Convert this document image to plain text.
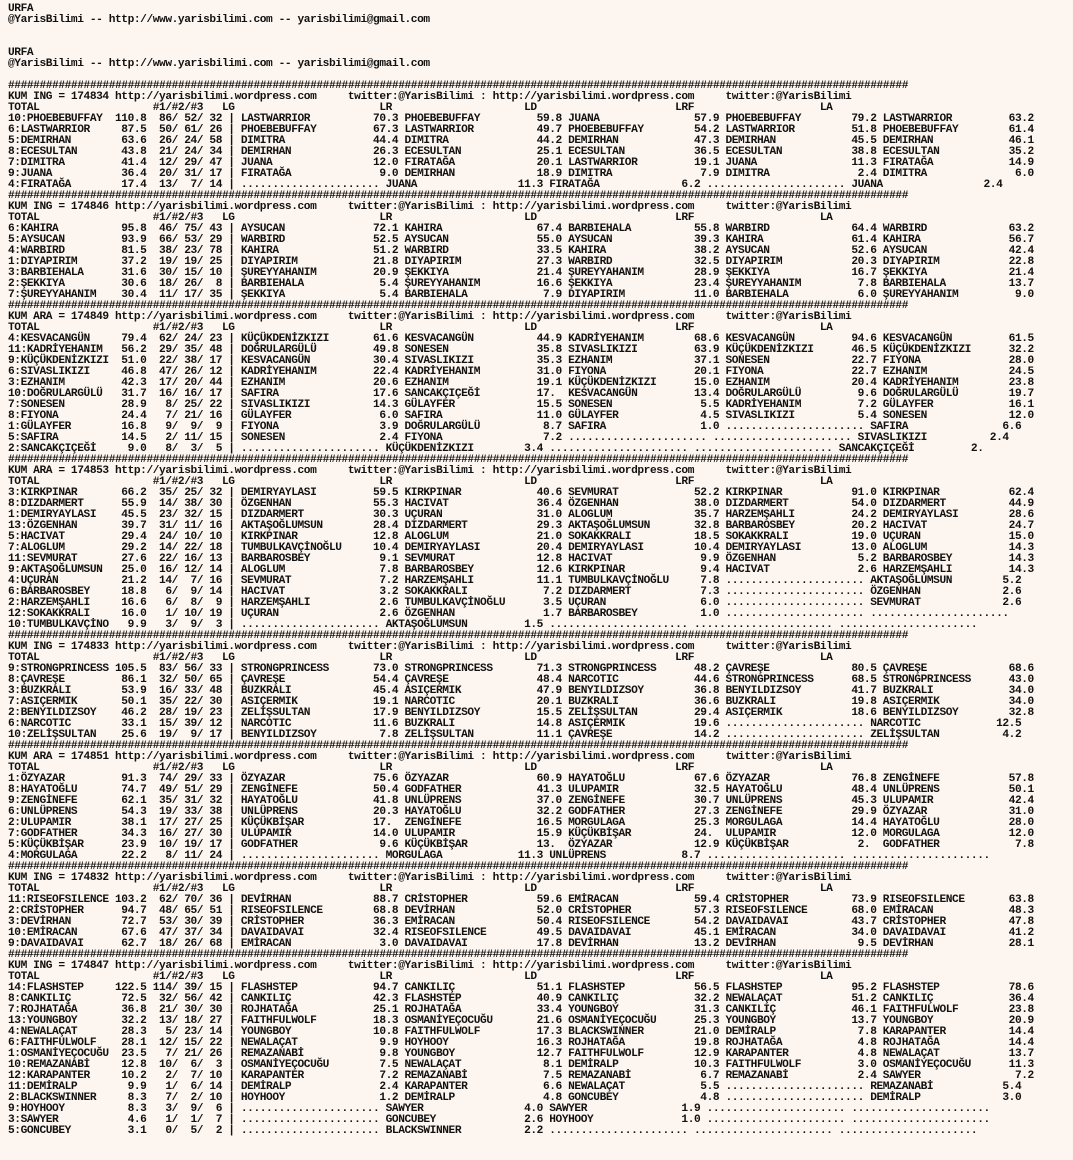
URFA
@YarisBilimi -- http://www.yarisbilimi.com -- yarisbilimi@gmail.com
URFA
@YarisBilimi -- http://www.yarisbilimi.com -- yarisbilimi@gmail.com
###############################################################################################################################################
KUM ING = 174834 http://yarisbilimi.wordpress.com     twitter:@YarisBilimi : http://yarisbilimi.wordpress.com     twitter:@YarisBilimi
TOTAL                  #1/#2/#3   LG                       LR                     LD                      LRF                    LA
10:PHOEBEBUFFAY  110.8  86/ 52/ 32 | LASTWARRIOR          70.3 PHOEBEBUFFAY         59.8 JUANA               57.9 PHOEBEBUFFAY        79.2 LASTWARRIOR         63.2
6:LASTWARRIOR     87.5  50/ 61/ 26 | PHOEBEBUFFAY         67.3 LASTWARRIOR          49.7 PHOEBEBUFFAY        54.2 LASTWARRIOR         51.8 PHOEBEBUFFAY        61.4
5:DEMIRHAN        63.6  26/ 24/ 58 | DIMITRA              44.4 DIMITRA              44.2 DEMIRHAN            47.3 DEMIRHAN            45.5 DEMIRHAN            46.1
8:ECESULTAN       43.8  21/ 24/ 34 | DEMIRHAN             26.3 ECESULTAN            25.1 ECESULTAN           36.5 ECESULTAN           38.8 ECESULTAN           35.2
7:DIMITRA         41.4  12/ 29/ 47 | JUANA                12.0 FIRATAĞA             20.1 LASTWARRIOR         19.1 JUANA               11.3 FIRATAĞA            14.9
9:JUANA           36.4  20/ 31/ 17 | FIRATAĞA              9.0 DEMIRHAN             18.9 DIMITRA              7.9 DIMITRA              2.4 DIMITRA              6.0
4:FIRATAĞA        17.4  13/  7/ 14 | ...................... JUANA                11.3 FIRATAĞA             6.2 ...................... JUANA                2.4
###############################################################################################################################################
KUM ING = 174846 http://yarisbilimi.wordpress.com     twitter:@YarisBilimi : http://yarisbilimi.wordpress.com     twitter:@YarisBilimi
TOTAL                  #1/#2/#3   LG                       LR                     LD                      LRF                    LA
6:KAHIRA          95.8  46/ 75/ 43 | AYSUCAN              72.1 KAHIRA               67.4 BARBIEHALA          55.8 WARBIRD             64.4 WARBIRD             63.2
5:AYSUCAN         93.9  66/ 53/ 29 | WARBIRD              52.5 AYSUCAN              55.0 AYSUCAN             39.3 KAHIRA              61.4 KAHIRA              56.7
4:WARBIRD         81.5  38/ 23/ 78 | KAHIRA               51.2 WARBIRD              33.5 KAHIRA              38.2 AYSUCAN             52.6 AYSUCAN             42.4
1:DIYAPIRIM       37.2  19/ 19/ 25 | DIYAPIRIM            21.8 DIYAPIRIM            27.3 WARBIRD             32.5 DIYAPIRIM           20.3 DIYAPIRIM           22.8
3:BARBIEHALA      31.6  30/ 15/ 10 | ŞUREYYAHANIM         20.9 ŞEKKIYA              21.4 ŞUREYYAHANIM        28.9 ŞEKKIYA             16.7 ŞEKKIYA             21.4
2:ŞEKKIYA         30.6  18/ 26/  8 | BARBIEHALA            5.4 ŞUREYYAHANIM         16.6 ŞEKKIYA             23.4 ŞUREYYAHANIM         7.8 BARBIEHALA          13.7
7:ŞUREYYAHANIM    30.4  11/ 17/ 35 | ŞEKKIYA               5.4 BARBIEHALA            7.9 DIYAPIRIM           11.0 BARBIEHALA           6.0 ŞUREYYAHANIM         9.0
###############################################################################################################################################
KUM ARA = 174849 http://yarisbilimi.wordpress.com     twitter:@YarisBilimi : http://yarisbilimi.wordpress.com     twitter:@YarisBilimi
TOTAL                  #1/#2/#3   LG                       LR                     LD                      LRF                    LA
4:KESVACANGÜN     79.4  62/ 24/ 23 | KÜÇÜKDENİZKIZI       61.6 KESVACANGÜN          44.9 KADRİYEHANIM        68.6 KESVACANGÜN         94.6 KESVACANGÜN         61.5
11:KADRİYEHANIM   56.2  29/ 35/ 48 | DOĞRULARGÜLÜ         49.8 SONESEN              35.8 SIVASLIKIZI         63.9 KÜÇÜKDENİZKIZI      46.5 KÜÇÜKDENİZKIZI      32.2
9:KÜÇÜKDENİZKIZI  51.0  22/ 38/ 17 | KESVACANGÜN          30.4 SIVASLIKIZI          35.3 EZHANIM             37.1 SONESEN             22.7 FIYONA              28.0
6:SIVASLIKIZI     46.8  47/ 26/ 12 | KADRİYEHANIM         22.4 KADRİYEHANIM         31.0 FIYONA              20.1 FIYONA              22.7 EZHANIM             24.5
3:EZHANIM         42.3  17/ 20/ 44 | EZHANIM              20.6 EZHANIM              19.1 KÜÇÜKDENİZKIZI      15.0 EZHANIM             20.4 KADRİYEHANIM        23.8
10:DOĞRULARGÜLÜ   31.7  16/ 16/ 17 | SAFIRA               17.6 SANCAKÇIÇEĞİ         17.  KESVACANGÜN         13.4 DOĞRULARGÜLÜ         9.6 DOĞRULARGÜLÜ        19.7
7:SONESEN         28.9   8/ 25/ 22 | SIVASLIKIZI          14.3 GÜLAYFER             15.5 SONESEN              5.5 KADRİYEHANIM         7.2 GÜLAYFER            16.1
8:FIYONA          24.4   7/ 21/ 16 | GÜLAYFER              6.0 SAFIRA               11.0 GÜLAYFER             4.5 SIVASLIKIZI          5.4 SONESEN             12.0
1:GÜLAYFER        16.8   9/  9/  9 | FIYONA                3.9 DOĞRULARGÜLÜ          8.7 SAFIRA               1.0 ...................... SAFIRA               6.6
5:SAFIRA          14.5   2/ 11/ 15 | SONESEN               2.4 FIYONA                7.2 ...................... ...................... SIVASLIKIZI          2.4
2:SANCAKÇIÇEĞİ     9.0   8/  3/  5 | ...................... KÜÇÜKDENİZKIZI        3.4 ...................... ...................... SANCAKÇIÇEĞİ         2.
###############################################################################################################################################
KUM ARA = 174853 http://yarisbilimi.wordpress.com     twitter:@YarisBilimi : http://yarisbilimi.wordpress.com     twitter:@YarisBilimi
TOTAL                  #1/#2/#3   LG                       LR                     LD                      LRF                    LA
3:KIRKPINAR       66.2  35/ 25/ 32 | DEMIRYAYLASI         59.5 KIRKPINAR            40.6 SEVMURAT            52.2 KIRKPINAR           91.0 KIRKPINAR           62.4
8:DIZDARMERT      55.9  14/ 38/ 30 | ÖZGENHAN             55.3 HACIVAT              36.4 ÖZGENHAN            38.0 DIZDARMERT          54.0 DIZDARMERT          44.9
1:DEMIRYAYLASI    45.5  23/ 32/ 15 | DIZDARMERT           30.3 UÇURAN               31.0 ALOGLUM             35.7 HARZEMŞAHLI         24.2 DEMIRYAYLASI        28.6
13:ÖZGENHAN       39.7  31/ 11/ 16 | AKTAŞOĞLUMSUN        28.4 DIZDARMERT           29.3 AKTAŞOĞLUMSUN       32.8 BARBAROSBEY         20.2 HACIVAT             24.7
5:HACIVAT         29.4  24/ 10/ 10 | KIRKPINAR            12.8 ALOGLUM              21.0 SOKAKKRALI          18.5 SOKAKKRALI          19.0 UÇURAN              15.0
7:ALOGLUM         29.2  14/ 22/ 18 | TUMBULKAVÇİNOĞLU     10.4 DEMIRYAYLASI         20.4 DEMIRYAYLASI        10.4 DEMIRYAYLASI        13.0 ALOGLUM             14.3
11:SEVMURAT       27.6  22/ 16/ 13 | BARBAROSBEY           9.1 SEVMURAT             12.8 HACIVAT              9.9 ÖZGENHAN             5.2 BARBAROSBEY         14.3
9:AKTAŞOĞLUMSUN   25.0  16/ 12/ 14 | ALOGLUM               7.8 BARBAROSBEY          12.6 KIRKPINAR            9.4 HACIVAT              2.6 HARZEMŞAHLI         14.3
4:UÇURAN          21.2  14/  7/ 16 | SEVMURAT              7.2 HARZEMŞAHLI          11.1 TUMBULKAVÇİNOĞLU     7.8 ...................... AKTAŞOĞLUMSUN        5.2
6:BARBAROSBEY     18.8   6/  9/ 14 | HACIVAT               3.2 SOKAKKRALI            7.2 DIZDARMERT           7.3 ...................... ÖZGENHAN             2.6
2:HARZEMŞAHLI     16.6   6/  8/  9 | HARZEMŞAHLI           2.6 TUMBULKAVÇİNOĞLU      3.5 UÇURAN               6.0 ...................... SEVMURAT             2.6
12:SOKAKKRALI     16.0   1/ 10/ 19 | UÇURAN                2.6 ÖZGENHAN              1.7 BARBAROSBEY          1.0 ...................... ......................
10:TUMBULKAVÇİNO   9.9   3/  9/  3 | ...................... AKTAŞOĞLUMSUN         1.5 ...................... ...................... ......................
###############################################################################################################################################
KUM ING = 174833 http://yarisbilimi.wordpress.com     twitter:@YarisBilimi : http://yarisbilimi.wordpress.com     twitter:@YarisBilimi
TOTAL                  #1/#2/#3   LG                       LR                     LD                      LRF                    LA
9:STRONGPRINCESS 105.5  83/ 56/ 33 | STRONGPRINCESS       73.0 STRONGPRINCESS       71.3 STRONGPRINCESS      48.2 ÇAVREŞE             80.5 ÇAVREŞE             68.6
8:ÇAVREŞE         86.1  32/ 50/ 65 | ÇAVREŞE              54.4 ÇAVREŞE              48.4 NARCOTIC            44.6 STRONGPRINCESS      68.5 STRONGPRINCESS      43.0
3:BUZKRALI        53.9  16/ 33/ 48 | BUZKRALI             45.4 ASIÇERMIK            47.9 BENYILDIZSOY        36.8 BENYILDIZSOY        41.7 BUZKRALI            34.0
7:ASIÇERMIK       50.1  35/ 22/ 30 | ASIÇERMIK            19.1 NARCOTIC             20.1 BUZKRALI            36.6 BUZKRALI            19.8 ASIÇERMIK           34.0
2:BENYILDIZSOY    46.2  28/ 19/ 23 | ZELİŞSULTAN          17.9 BENYILDIZSOY         15.5 ZELİŞSULTAN         29.4 ASIÇERMIK           18.6 BENYILDIZSOY        32.8
6:NARCOTIC        33.1  15/ 39/ 12 | NARCOTIC             11.6 BUZKRALI             14.8 ASIÇERMIK           19.6 ...................... NARCOTIC            12.5
10:ZELİŞSULTAN    25.6  19/  9/ 17 | BENYILDIZSOY          7.8 ZELİŞSULTAN          11.1 ÇAVREŞE             14.2 ...................... ZELİŞSULTAN          4.2
###############################################################################################################################################
KUM ARA = 174851 http://yarisbilimi.wordpress.com     twitter:@YarisBilimi : http://yarisbilimi.wordpress.com     twitter:@YarisBilimi
TOTAL                  #1/#2/#3   LG                       LR                     LD                      LRF                    LA
1:ÖZYAZAR         91.3  74/ 29/ 33 | ÖZYAZAR              75.6 ÖZYAZAR              60.9 HAYATOĞLU           67.6 ÖZYAZAR             76.8 ZENGİNEFE           57.8
8:HAYATOĞLU       74.7  49/ 51/ 29 | ZENGİNEFE            50.4 GODFATHER            41.3 ULUPAMIR            32.5 HAYATOĞLU           48.4 UNLÜPRENS           50.1
9:ZENGİNEFE       62.1  35/ 31/ 32 | HAYATOĞLU            41.8 UNLÜPRENS            37.0 ZENGİNEFE           30.7 UNLÜPRENS           45.3 ULUPAMIR            42.4
6:UNLÜPRENS       54.3  19/ 33/ 38 | UNLÜPRENS            20.3 HAYATOĞLU            32.2 GODFATHER           27.3 ZENGİNEFE           29.9 ÖZYAZAR             31.0
2:ULUPAMIR        38.1  17/ 27/ 25 | KÜÇÜKBİŞAR           17.  ZENGİNEFE            16.5 MORGULAGA           25.3 MORGULAGA           14.4 HAYATOĞLU           28.0
7:GODFATHER       34.3  16/ 27/ 30 | ULUPAMIR             14.0 ULUPAMIR             15.9 KÜÇÜKBİŞAR          24.  ULUPAMIR            12.0 MORGULAGA           12.0
5:KÜÇÜKBİŞAR      23.9  10/ 19/ 17 | GODFATHER             9.6 KÜÇÜKBİŞAR           13.  ÖZYAZAR             12.9 KÜÇÜKBİŞAR           2.  GODFATHER            7.8
4:MORGULAGA       22.2   8/ 11/ 24 | ...................... MORGULAGA            11.3 UNLÜPRENS            8.7 ...................... ......................
###############################################################################################################################################
KUM ING = 174832 http://yarisbilimi.wordpress.com     twitter:@YarisBilimi : http://yarisbilimi.wordpress.com     twitter:@YarisBilimi
TOTAL                  #1/#2/#3   LG                       LR                     LD                      LRF                    LA
11:RISEOFSILENCE 103.2  62/ 70/ 36 | DEVİRHAN             88.7 CRİSTOPHER           59.6 EMİRACAN            59.4 CRİSTOPHER          73.9 RISEOFSILENCE       63.8
2:CRİSTOPHER      94.7  48/ 65/ 51 | RISEOFSILENCE        68.8 DEVİRHAN             52.0 CRİSTOPHER          57.3 RISEOFSILENCE       68.0 EMİRACAN            48.3
3:DEVİRHAN        72.7  53/ 30/ 39 | CRİSTOPHER           36.3 EMİRACAN             50.4 RISEOFSILENCE       54.2 DAVAIDAVAI          43.7 CRİSTOPHER          47.8
10:EMİRACAN       67.6  47/ 37/ 34 | DAVAIDAVAI           32.4 RISEOFSILENCE        49.5 DAVAIDAVAI          45.1 EMİRACAN            34.0 DAVAIDAVAI          41.2
9:DAVAIDAVAI      62.7  18/ 26/ 68 | EMİRACAN              3.0 DAVAIDAVAI           17.8 DEVİRHAN            13.2 DEVİRHAN             9.5 DEVİRHAN            28.1
###############################################################################################################################################
KUM ING = 174847 http://yarisbilimi.wordpress.com     twitter:@YarisBilimi : http://yarisbilimi.wordpress.com     twitter:@YarisBilimi
TOTAL                  #1/#2/#3   LG                       LR                     LD                      LRF                    LA
14:FLASHSTEP     122.5 114/ 39/ 15 | FLASHSTEP            94.7 CANKILIÇ             51.1 FLASHSTEP           56.5 FLASHSTEP           95.2 FLASHSTEP           78.6
8:CANKILIÇ        72.5  32/ 56/ 42 | CANKILIÇ             42.3 FLASHSTEP            40.9 CANKILIÇ            32.2 NEWALAÇAT           51.2 CANKILIÇ            36.4
7:ROJHATAĞA       36.8  21/ 30/ 30 | ROJHATAĞA            25.1 ROJHATAĞA            33.4 YOUNGBOY            31.3 CANKILIÇ            46.1 FAITHFULWOLF        23.8
13:YOUNGBOY       32.2  13/ 18/ 27 | FAITHFULWOLF         18.3 OSMANİYEÇOCUĞU       21.6 OSMANİYEÇOCUĞU      25.3 YOUNGBOY            13.7 YOUNGBOY            20.9
4:NEWALAÇAT       28.3   5/ 23/ 14 | YOUNGBOY             10.8 FAITHFULWOLF         17.3 BLACKSWINNER        21.0 DEMİRALP             7.8 KARAPANTER          14.4
6:FAITHFULWOLF    28.1  12/ 15/ 22 | NEWALAÇAT             9.9 HOYHOOY              16.3 ROJHATAĞA           19.8 ROJHATAĞA            4.8 ROJHATAĞA           14.4
1:OSMANİYEÇOCUĞU  23.5   7/ 21/ 26 | REMAZANABİ            9.8 YOUNGBOY             12.7 FAITHFULWOLF        12.9 KARAPANTER           4.8 NEWALAÇAT           13.7
10:REMAZANABİ     12.8  10/  6/  3 | OSMANİYEÇOCUĞU        7.5 NEWALAÇAT             8.1 DEMİRALP            10.3 FAITHFULWOLF         3.0 OSMANİYEÇOCUĞU      11.3
12:KARAPANTER     10.2   2/  7/ 10 | KARAPANTER            7.2 REMAZANABİ            7.5 REMAZANABİ           6.7 REMAZANABİ           2.4 SAWYER               7.2
11:DEMİRALP        9.9   1/  6/ 14 | DEMİRALP              2.4 KARAPANTER            6.6 NEWALAÇAT            5.5 ...................... REMAZANABİ           5.4
2:BLACKSWINNER     8.3   7/  2/ 10 | HOYHOOY               1.2 DEMİRALP              4.8 GONCUBEY             4.8 ...................... DEMİRALP             3.0
9:HOYHOOY          8.3   3/  9/  6 | ...................... SAWYER                4.0 SAWYER               1.9 ...................... ......................
3:SAWYER           4.6   1/  1/  7 | ...................... GONCUBEY              2.6 HOYHOOY              1.0 ...................... ......................
5:GONCUBEY         3.1   0/  5/  2 | ...................... BLACKSWINNER          2.2 ...................... ...................... ......................
